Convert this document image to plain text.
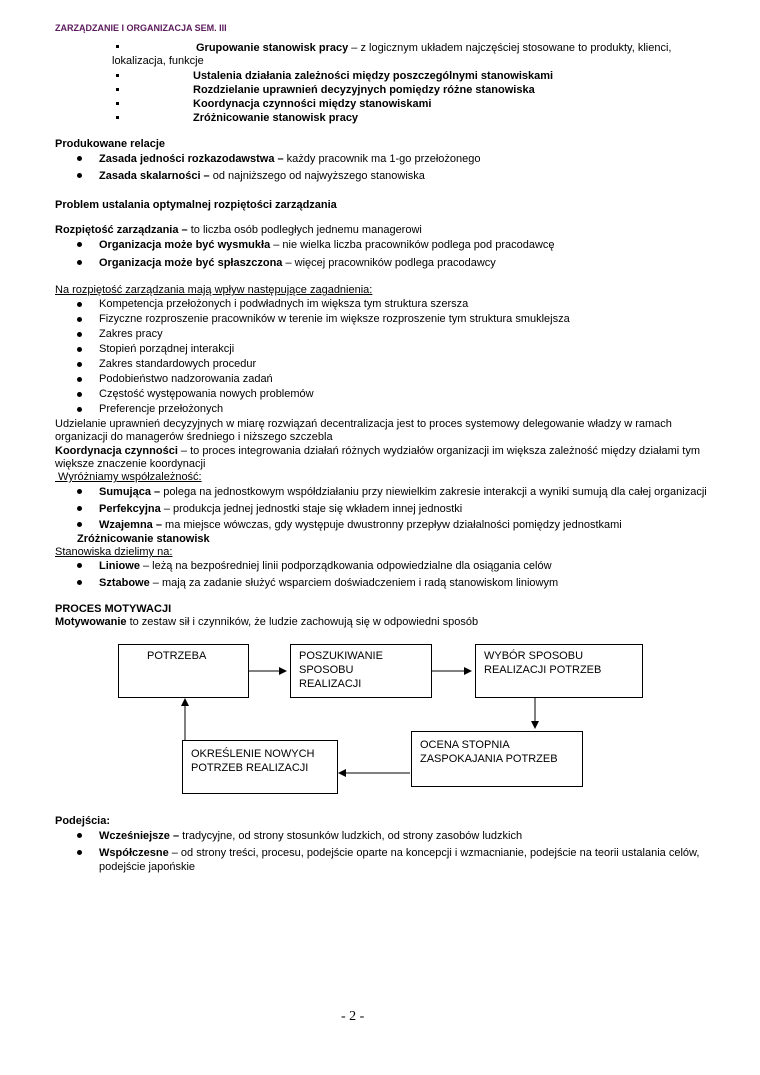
ZARZĄDZANIE I ORGANIZACJA SEM. III
Grupowanie stanowisk pracy – z logicznym układem najczęściej stosowane to produkty, klienci,
lokalizacja, funkcje
Ustalenia działania zależności między poszczególnymi stanowiskami
Rozdzielanie uprawnień decyzyjnych pomiędzy różne stanowiska
Koordynacja czynności między stanowiskami
Zróżnicowanie stanowisk pracy
Produkowane relacje
Zasada jedności rozkazodawstwa – każdy pracownik ma 1-go przełożonego
Zasada skalarności – od najniższego od najwyższego stanowiska
Problem ustalania optymalnej rozpiętości zarządzania
Rozpiętość zarządzania – to liczba osób podległych jednemu managerowi
Organizacja może być wysmukła – nie wielka liczba pracowników podlega pod pracodawcę
Organizacja może być spłaszczona – więcej pracowników podlega pracodawcy
Na rozpiętość zarządzania mają wpływ następujące zagadnienia:
Kompetencja przełożonych i podwładnych im większa tym struktura szersza
Fizyczne rozproszenie pracowników w terenie im większe rozproszenie tym struktura smuklejsza
Zakres pracy
Stopień porządnej interakcji
Zakres standardowych procedur
Podobieństwo nadzorowania zadań
Częstość występowania nowych problemów
Preferencje przełożonych
Udzielanie uprawnień decyzyjnych w miarę rozwiązań decentralizacja jest to proces systemowy delegowanie władzy w ramach
organizacji do managerów średniego i niższego szczebla
Koordynacja czynności – to proces integrowania działań różnych wydziałów organizacji im większa zależność między działami tym
większe znaczenie koordynacji
Wyróżniamy współzależność:
Sumująca – polega na jednostkowym współdziałaniu przy niewielkim zakresie interakcji a wyniki sumują dla całej organizacji
Perfekcyjna – produkcja jednej jednostki staje się wkładem innej jednostki
Wzajemna – ma miejsce wówczas, gdy występuje dwustronny przepływ działalności pomiędzy jednostkami
Zróżnicowanie stanowisk
Stanowiska dzielimy na:
Liniowe – leżą na bezpośredniej linii podporządkowania odpowiedzialne dla osiągania celów
Sztabowe – mają za zadanie służyć wsparciem doświadczeniem i radą stanowiskom liniowym
PROCES MOTYWACJI
Motywowanie to zestaw sił i czynników, że ludzie zachowują się w odpowiedni sposób
POTRZEBA	POSZUKIWANIE
SPOSOBU
REALIZACJI
WYBÓR SPOSOBU
REALIZACJI POTRZEB
OCENA STOPNIA
ZASPOKAJANIA POTRZEB
OKREŚLENIE NOWYCH
POTRZEB REALIZACJI
Podejścia:
Wcześniejsze – tradycyjne, od strony stosunków ludzkich, od strony zasobów ludzkich
Współczesne – od strony treści, procesu, podejście oparte na koncepcji i wzmacnianie, podejście na teorii ustalania celów,
podejście japońskie
- 2 -
